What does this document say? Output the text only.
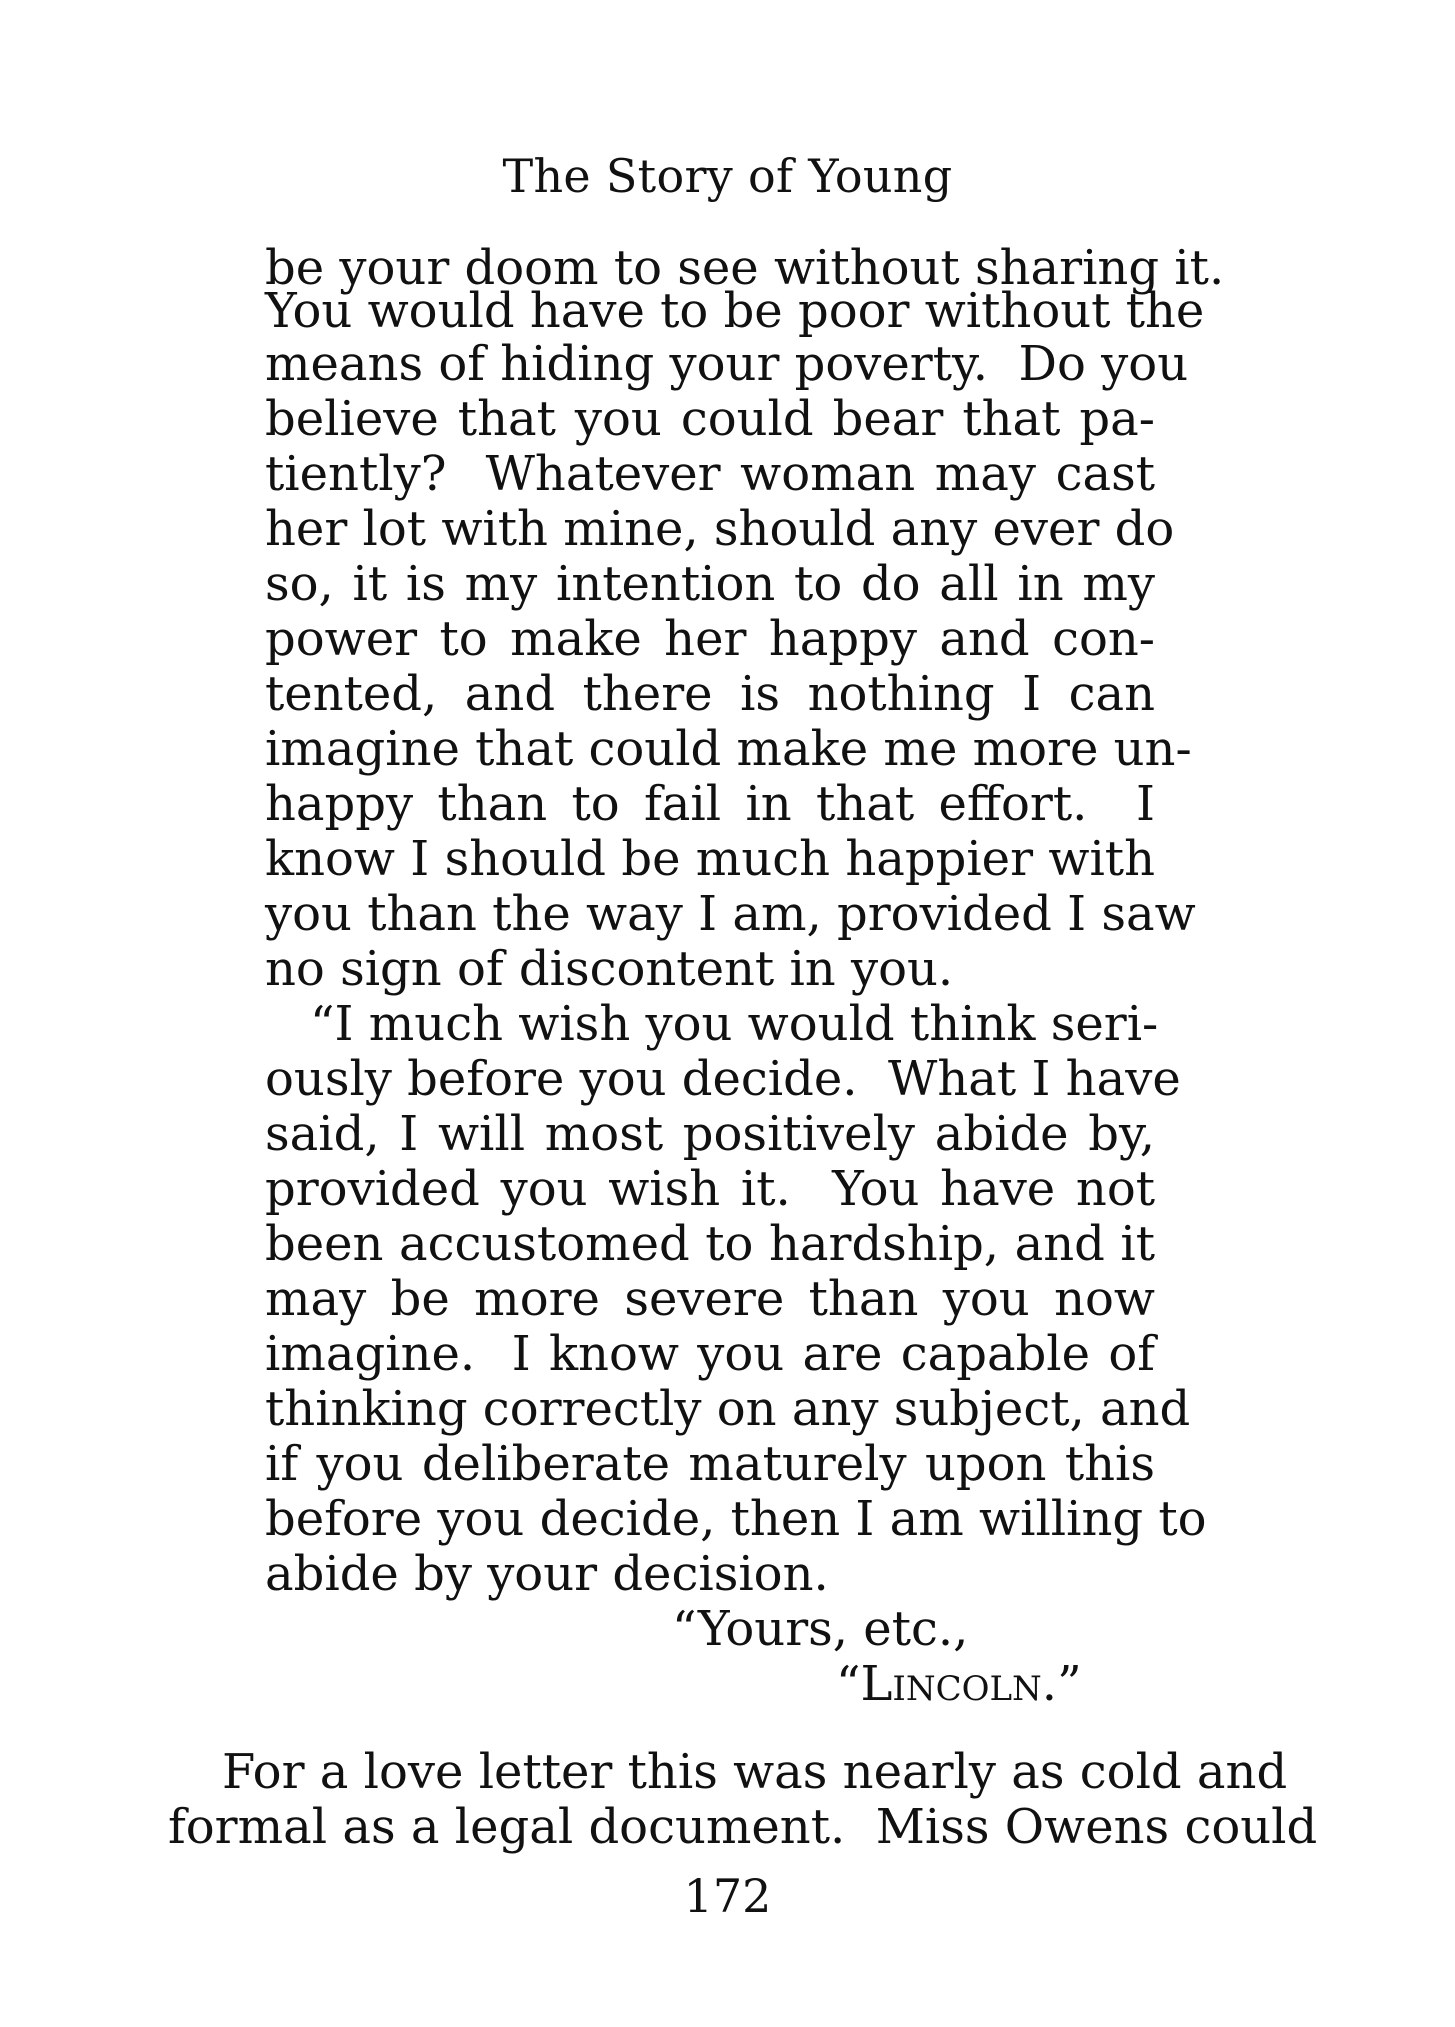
The Story of Young
be your doom to see without sharing it.
You would have to be poor without the
means of hiding your poverty.  Do you
believe that you could bear that pa-
tiently?  Whatever woman may cast
her lot with mine, should any ever do
so, it is my intention to do all in my
power to make her happy and con-
tented, and there is nothing I can
imagine that could make me more un-
happy than to fail in that effort.  I
know I should be much happier with
you than the way I am, provided I saw
no sign of discontent in you.
“I much wish you would think seri-
ously before you decide.  What I have
said, I will most positively abide by,
provided you wish it.  You have not
been accustomed to hardship, and it
may be more severe than you now
imagine.  I know you are capable of
thinking correctly on any subject, and
if you deliberate maturely upon this
before you decide, then I am willing to
abide by your decision.
“Yours, etc.,
“Lincoln.”
For a love letter this was nearly as cold and
formal as a legal document.  Miss Owens could
172
